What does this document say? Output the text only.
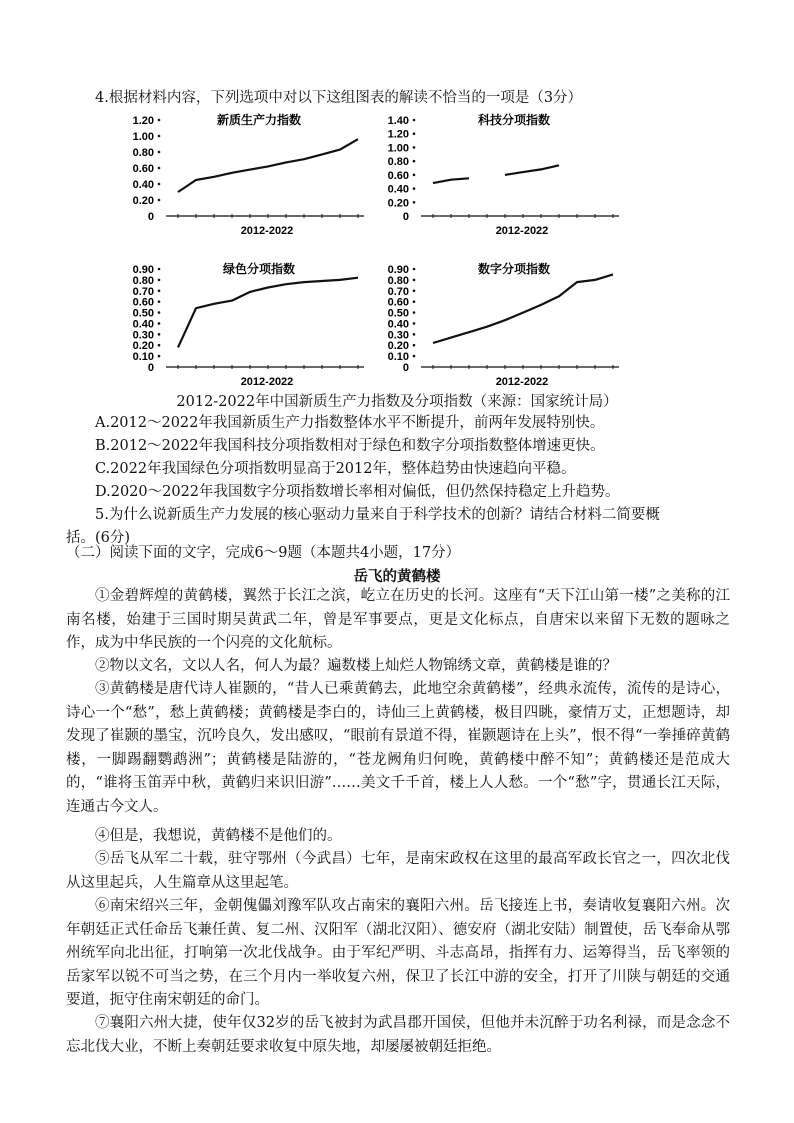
4.根据材料内容，下列选项中对以下这组图表的解读不恰当的一项是（3分）
1.20
1.00
0.80
0.60
0.40
0.20
0
2012-2022
新质生产力指数	1.40
1.20
1.00
0.80
0.60
0.40
0.20
0
2012-2022
科技分项指数
0.90
0.80
0.70
0.60
0.50
0.40
0.30
0.20
0.10
0
2012-2022
绿色分项指数	0.90
0.80
0.70
0.60
0.50
0.40
0.30
0.20
0.10
0
2012-2022
数字分项指数
2012-2022年中国新质生产力指数及分项指数（来源：国家统计局）
A.2012～2022年我国新质生产力指数整体水平不断提升，前两年发展特别快。
B.2012～2022年我国科技分项指数相对于绿色和数字分项指数整体增速更快。
C.2022年我国绿色分项指数明显高于2012年，整体趋势由快速趋向平稳。
D.2020～2022年我国数字分项指数增长率相对偏低，但仍然保持稳定上升趋势。
5.为什么说新质生产力发展的核心驱动力量来自于科学技术的创新？请结合材料二简要概
括。(6分)
（二）阅读下面的文字，完成6～9题（本题共4小题，17分）
岳飞的黄鹤楼
①金碧辉煌的黄鹤楼，翼然于长江之滨，屹立在历史的长河。这座有“天下江山第一楼”之美称的江南名楼，始建于三国时期吴黄武二年，曾是军事要点，更是文化标点，自唐宋以来留下无数的题咏之作，成为中华民族的一个闪亮的文化航标。
②物以文名，文以人名，何人为最？遍数楼上灿烂人物锦绣文章，黄鹤楼是谁的？
③黄鹤楼是唐代诗人崔颢的，“昔人已乘黄鹤去，此地空余黄鹤楼”，经典永流传，流传的是诗心，诗心一个“愁”，愁上黄鹤楼；黄鹤楼是李白的，诗仙三上黄鹤楼，极目四眺，豪情万丈，正想题诗，却发现了崔颢的墨宝，沉吟良久，发出感叹，“眼前有景道不得，崔颢题诗在上头”，恨不得“一拳捶碎黄鹤楼，一脚踢翻鹦鹉洲”；黄鹤楼是陆游的，“苍龙阙角归何晚，黄鹤楼中醉不知”；黄鹤楼还是范成大的，“谁将玉笛弄中秋，黄鹤归来识旧游”……美文千千首，楼上人人愁。一个“愁”字，贯通长江天际，连通古今文人。
④但是，我想说，黄鹤楼不是他们的。
⑤岳飞从军二十载，驻守鄂州（今武昌）七年，是南宋政权在这里的最高军政长官之一，四次北伐从这里起兵，人生篇章从这里起笔。
⑥南宋绍兴三年，金朝傀儡刘豫军队攻占南宋的襄阳六州。岳飞接连上书，奏请收复襄阳六州。次年朝廷正式任命岳飞兼任黄、复二州、汉阳军（湖北汉阳）、德安府（湖北安陆）制置使，岳飞奉命从鄂州统军向北出征，打响第一次北伐战争。由于军纪严明、斗志高昂，指挥有力、运筹得当，岳飞率领的岳家军以锐不可当之势，在三个月内一举收复六州，保卫了长江中游的安全，打开了川陕与朝廷的交通要道，扼守住南宋朝廷的命门。
⑦襄阳六州大捷，使年仅32岁的岳飞被封为武昌郡开国侯，但他并未沉醉于功名利禄，而是念念不忘北伐大业，不断上奏朝廷要求收复中原失地，却屡屡被朝廷拒绝。
